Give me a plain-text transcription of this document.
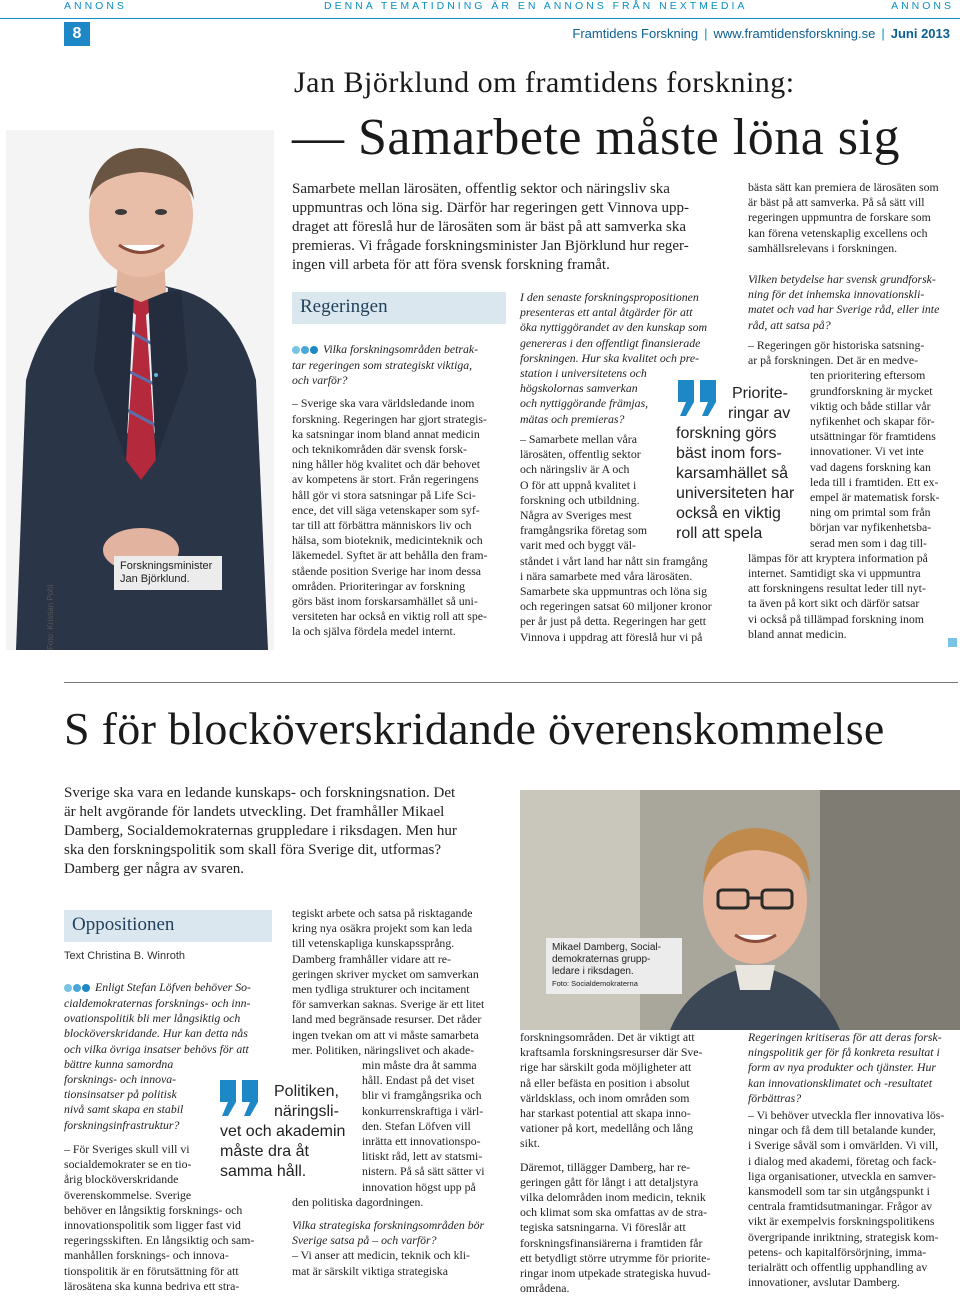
ANNONS	DENNA TEMATIDNING ÄR EN ANNONS FRÅN NEXTMEDIA	ANNONS
8	Framtidens Forskning | www.framtidensforskning.se | Juni 2013
Jan Björklund om framtidens forskning:
— Samarbete måste löna sig
Forskningsminister
Jan Björklund.
Foto: Kristian Pohl
Samarbete mellan lärosäten, offentlig sektor och näringsliv ska
uppmuntras och löna sig. Därför har regeringen gett Vinnova upp-
draget att föreslå hur de lärosäten som är bäst på att samverka ska
premieras. Vi frågade forskningsminister Jan Björklund hur reger-
ingen vill arbeta för att föra svensk forskning framåt.
Regeringen

Vilka forskningsområden betrak-

tar regeringen som strategiskt viktiga,

och varför?

– Sverige ska vara världsledande inom

forskning. Regeringen har gjort strategis-

ka satsningar inom bland annat medicin

och teknikområden där svensk forsk-

ning håller hög kvalitet och där behovet

av kompetens är stort. Från regeringens

håll gör vi stora satsningar på Life Sci-

ence, det vill säga vetenskaper som syf-

tar till att förbättra människors liv och

hälsa, som bioteknik, medicinteknik och

läkemedel. Syftet är att behålla den fram-

stående position Sverige har inom dessa

områden. Prioriteringar av forskning

görs bäst inom forskarsamhället så uni-

versiteten har också en viktig roll att spe-

la och själva fördela medel internt.

I den senaste forskningspropositionen

presenteras ett antal åtgärder för att

öka nyttiggörandet av den kunskap som

genereras i den offentligt finansierade

forskningen. Hur ska kvalitet och pre-

station i universitetens och

högskolornas samverkan

och nyttiggörande främjas,

mätas och premieras?

– Samarbete mellan våra

lärosäten, offentlig sektor

och näringsliv är A och

O för att uppnå kvalitet i

forskning och utbildning.

Några av Sveriges mest

framgångsrika företag som

varit med och byggt väl-

ståndet i vårt land har nått sin framgång

i nära samarbete med våra lärosäten.

Samarbete ska uppmuntras och löna sig

och regeringen satsat 60 miljoner kronor

per år just på detta. Regeringen har gett

Vinnova i uppdrag att föreslå hur vi på

Priorite-
ringar av
forskning görs
bäst inom fors-
karsamhället så
universiteten har
också en viktig
roll att spela

bästa sätt kan premiera de lärosäten som

är bäst på att samverka. På så sätt vill

regeringen uppmuntra de forskare som

kan förena vetenskaplig excellens och

samhällsrelevans i forskningen.

Vilken betydelse har svensk grundforsk-

ning för det inhemska innovationskli-

matet och vad har Sverige råd, eller inte

råd, att satsa på?

– Regeringen gör historiska satsning-

ar på forskningen. Det är en medve-

ten prioritering eftersom

grundforskning är mycket

viktig och både stillar vår

nyfikenhet och skapar för-

utsättningar för framtidens

innovationer. Vi vet inte

vad dagens forskning kan

leda till i framtiden. Ett ex-

empel är matematisk forsk-

ning om primtal som från

början var nyfikenhetsba-

serad men som i dag till-

lämpas för att kryptera information på

internet. Samtidigt ska vi uppmuntra

att forskningens resultat leder till nyt-

ta även på kort sikt och därför satsar

vi också på tillämpad forskning inom

bland annat medicin.

S för blocköverskridande överenskommelse
Sverige ska vara en ledande kunskaps- och forskningsnation. Det
är helt avgörande för landets utveckling. Det framhåller Mikael
Damberg, Socialdemokraternas gruppledare i riksdagen. Men hur
ska den forskningspolitik som skall föra Sverige dit, utformas?
Damberg ger några av svaren.
Mikael Damberg, Social-
demokraternas grupp-
ledare i riksdagen.
Foto: Socialdemokraterna
Oppositionen
Text Christina B. Winroth

Enligt Stefan Löfven behöver So-

cialdemokraternas forsknings- och inn-

ovationspolitik bli mer långsiktig och

blocköverskridande. Hur kan detta nås

och vilka övriga insatser behövs för att

bättre kunna samordna

forsknings- och innova-

tionsinsatser på politisk

nivå samt skapa en stabil

forskningsinfrastruktur?

– För Sveriges skull vill vi

socialdemokrater se en tio-

årig blocköverskridande

överenskommelse. Sverige

behöver en långsiktig forsknings- och

innovationspolitik som ligger fast vid

regeringsskiften. En långsiktig och sam-

manhållen forsknings- och innova-

tionspolitik är en förutsättning för att

lärosätena ska kunna bedriva ett stra-

Politiken,
näringsli-
vet och akademin
måste dra åt
samma håll.

tegiskt arbete och satsa på risktagande

kring nya osäkra projekt som kan leda

till vetenskapliga kunskapssprång.

Damberg framhåller vidare att re-

geringen skriver mycket om samverkan

men tydliga strukturer och incitament

för samverkan saknas. Sverige är ett litet

land med begränsade resurser. Det råder

ingen tvekan om att vi måste samarbeta

mer. Politiken, näringslivet och akade-

min måste dra åt samma

håll. Endast på det viset

blir vi framgångsrika och

konkurrenskraftiga i värl-

den. Stefan Löfven vill

inrätta ett innovationspo-

litiskt råd, lett av statsmi-

nistern. På så sätt sätter vi

innovation högst upp på

den politiska dagordningen.

Vilka strategiska forskningsområden bör

Sverige satsa på – och varför?

– Vi anser att medicin, teknik och kli-

mat är särskilt viktiga strategiska

forskningsområden. Det är viktigt att

kraftsamla forskningsresurser där Sve-

rige har särskilt goda möjligheter att

nå eller befästa en position i absolut

världsklass, och inom områden som

har starkast potential att skapa inno-

vationer på kort, medellång och lång

sikt.

Däremot, tillägger Damberg, har re-

geringen gått för långt i att detaljstyra

vilka delområden inom medicin, teknik

och klimat som ska omfattas av de stra-

tegiska satsningarna. Vi föreslår att

forskningsfinansiärerna i framtiden får

ett betydligt större utrymme för priorite-

ringar inom utpekade strategiska huvud-

områdena.

Regeringen kritiseras för att deras forsk-

ningspolitik ger för få konkreta resultat i

form av nya produkter och tjänster. Hur

kan innovationsklimatet och -resultatet

förbättras?

– Vi behöver utveckla fler innovativa lös-

ningar och få dem till betalande kunder,

i Sverige såväl som i omvärlden. Vi vill,

i dialog med akademi, företag och fack-

liga organisationer, utveckla en samver-

kansmodell som tar sin utgångspunkt i

centrala framtidsutmaningar. Frågor av

vikt är exempelvis forskningspolitikens

övergripande inriktning, strategisk kom-

petens- och kapitalförsörjning, imma-

terialrätt och offentlig upphandling av

innovationer, avslutar Damberg.
